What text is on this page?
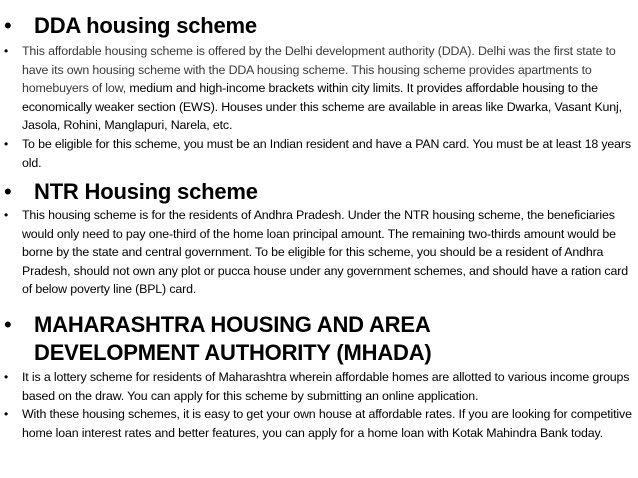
• DDA housing scheme
• This affordable housing scheme is offered by the Delhi development authority (DDA). Delhi was the first state to have its own housing scheme with the DDA housing scheme. This housing scheme provides apartments to homebuyers of low, medium and high-income brackets within city limits. It provides affordable housing to the economically weaker section (EWS). Houses under this scheme are available in areas like Dwarka, Vasant Kunj, Jasola, Rohini, Manglapuri, Narela, etc.
• To be eligible for this scheme, you must be an Indian resident and have a PAN card. You must be at least 18 years old.
• NTR Housing scheme
• This housing scheme is for the residents of Andhra Pradesh. Under the NTR housing scheme, the beneficiaries would only need to pay one-third of the home loan principal amount. The remaining two-thirds amount would be borne by the state and central government. To be eligible for this scheme, you should be a resident of Andhra Pradesh, should not own any plot or pucca house under any government schemes, and should have a ration card of below poverty line (BPL) card.
• MAHARASHTRA HOUSING AND AREA DEVELOPMENT AUTHORITY (MHADA)
• It is a lottery scheme for residents of Maharashtra wherein affordable homes are allotted to various income groups based on the draw. You can apply for this scheme by submitting an online application.
• With these housing schemes, it is easy to get your own house at affordable rates. If you are looking for competitive home loan interest rates and better features, you can apply for a home loan with Kotak Mahindra Bank today.
